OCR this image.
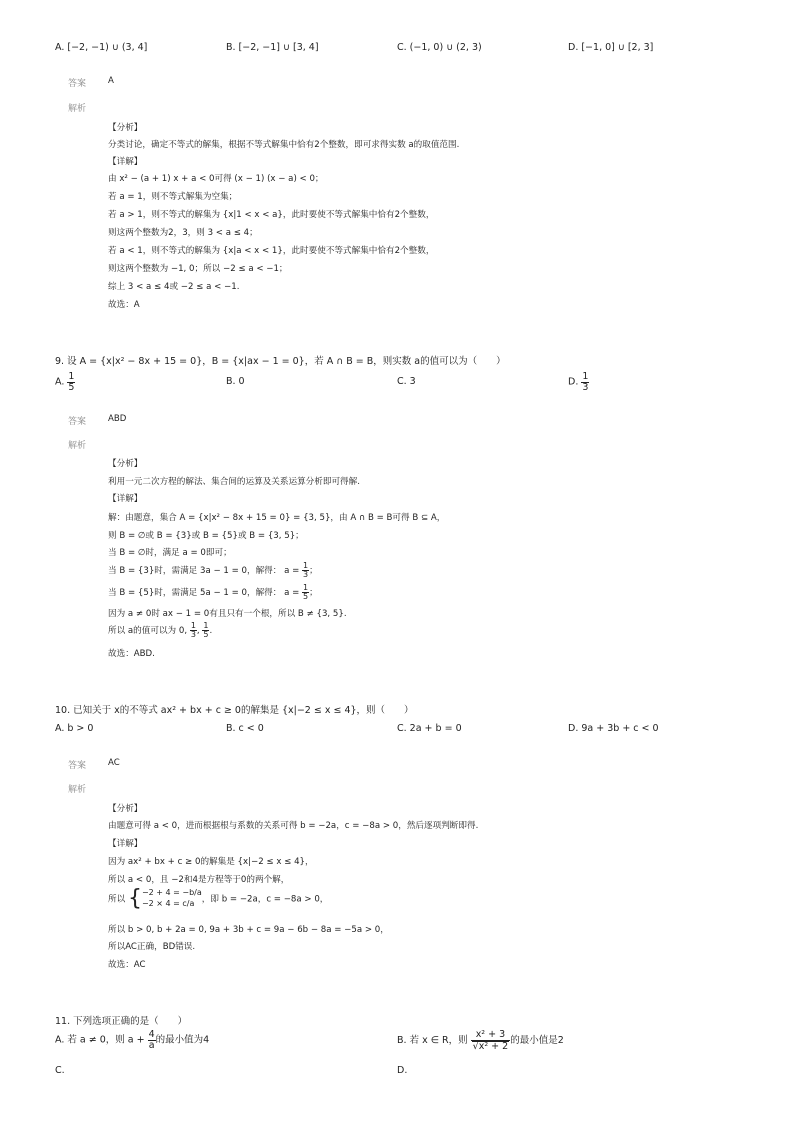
A. [−2, −1) ∪ (3, 4]	B. [−2, −1] ∪ [3, 4]	C. (−1, 0) ∪ (2, 3)	D. [−1, 0] ∪ [2, 3]
答案	A
解析
【分析】
分类讨论，确定不等式的解集，根据不等式解集中恰有2个整数，即可求得实数 a的取值范围.
【详解】
由 x² − (a + 1) x + a < 0可得 (x − 1) (x − a) < 0；
若 a = 1，则不等式解集为空集；
若 a > 1，则不等式的解集为 {x|1 < x < a}，此时要使不等式解集中恰有2个整数，
则这两个整数为2，3，则 3 < a ≤ 4；
若 a < 1，则不等式的解集为 {x|a < x < 1}，此时要使不等式解集中恰有2个整数，
则这两个整数为 −1, 0；所以 −2 ≤ a < −1；
综上 3 < a ≤ 4或 −2 ≤ a < −1.
故选：A
9. 设 A = {x|x² − 8x + 15 = 0}，B = {x|ax − 1 = 0}，若 A ∩ B = B，则实数 a的值可以为（　　）
A. $\frac{1}{5}$	B. 0	C. 3	D. $\frac{1}{3}$
答案	ABD
解析
【分析】
利用一元二次方程的解法、集合间的运算及关系运算分析即可得解.
【详解】
解：由题意，集合 A = {x|x² − 8x + 15 = 0} = {3, 5}，由 A ∩ B = B可得 B ⊆ A，
则 B = ∅或 B = {3}或 B = {5}或 B = {3, 5}；
当 B = ∅时，满足 a = 0即可；
当 B = {3}时，需满足 3a − 1 = 0，解得： $a = \frac{1}{3}$ ；
当 B = {5}时，需满足 5a − 1 = 0，解得： $a = \frac{1}{5}$ ；
因为 a ≠ 0时 ax − 1 = 0有且只有一个根，所以 B ≠ {3, 5}.
所以 a的值可以为 0, $\frac{1}{3}$ , $\frac{1}{5}$ .
故选：ABD.
10. 已知关于 x的不等式 ax² + bx + c ≥ 0的解集是 {x|−2 ≤ x ≤ 4}，则（　　）
A. b > 0	B. c < 0	C. 2a + b = 0	D. 9a + 3b + c < 0
答案	AC
解析
【分析】
由题意可得 a < 0，进而根据根与系数的关系可得 b = −2a，c = −8a > 0，然后逐项判断即得.
【详解】
因为 ax² + bx + c ≥ 0的解集是 {x|−2 ≤ x ≤ 4}，
所以 a < 0，且 −2和4是方程等于0的两个解，
所以 { −2 + 4 = −b/a
−2 × 4 = c/a ，即 b = −2a，c = −8a > 0，
所以 b > 0, b + 2a = 0, 9a + 3b + c = 9a − 6b − 8a = −5a > 0，
所以AC正确，BD错误.
故选：AC
11. 下列选项正确的是（　　）
A. 若 a ≠ 0，则 $a + \frac{4}{a}$ 的最小值为4	B. 若 x ∈ R，则 $\frac{\text{x² + 3}}{\text{√x² + 2}}$ 的最小值是2
C.	D.
